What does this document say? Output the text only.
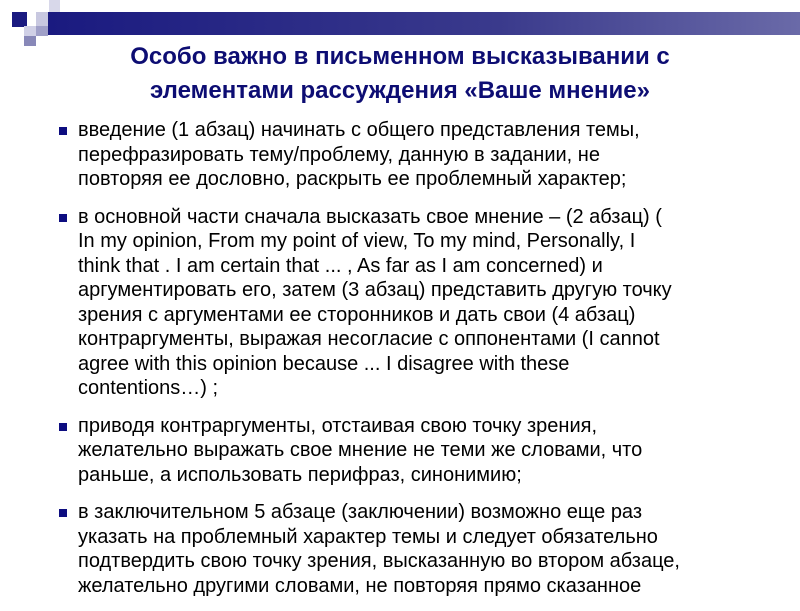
Особо важно в письменном высказывании с
элементами рассуждения «Ваше мнение»
введение (1 абзац) начинать с общего представления темы,
перефразировать тему/проблему, данную в задании, не
повторяя ее дословно, раскрыть ее проблемный характер;
в основной части сначала высказать свое мнение – (2 абзац) (
In my opinion, From my point of view, To my mind, Personally, I
think that . I am certain that ... , As far as I am concerned) и
аргументировать его, затем (3 абзац) представить другую точку
зрения с аргументами ее сторонников и дать свои (4 абзац)
контраргументы, выражая несогласие с оппонентами (I cannot
agree with this opinion because ... I disagree with these
contentions…) ;
приводя контраргументы, отстаивая свою точку зрения,
желательно выражать свое мнение не теми же словами, что
раньше, а использовать перифраз, синонимию;
в заключительном 5 абзаце (заключении) возможно еще раз
указать на проблемный характер темы и следует обязательно
подтвердить свою точку зрения, высказанную во втором абзаце,
желательно другими словами, не повторяя прямо сказанное
